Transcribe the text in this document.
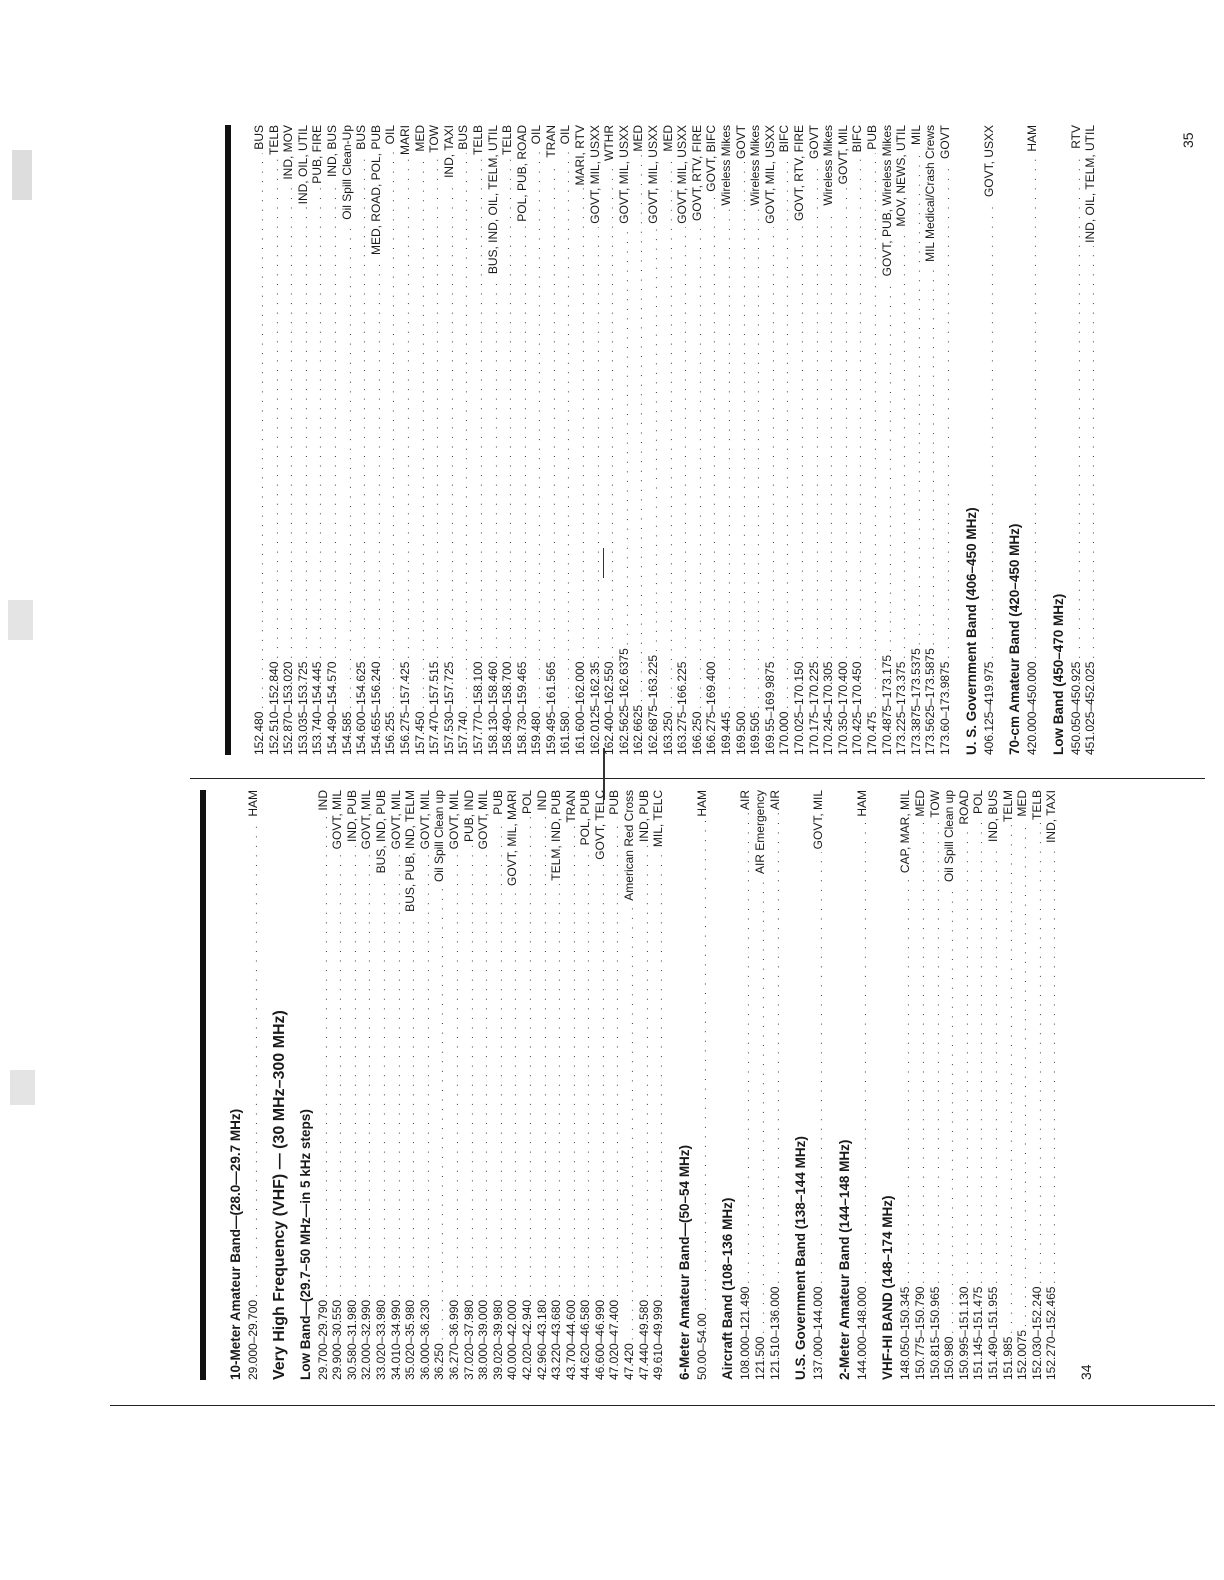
10-Meter Amateur Band—(28.0—29.7 MHz) 29.000–29.700
. . .
HAM
Very High Frequency (VHF) — (30 MHz–300 MHz) Low Band—(29.7–50 MHz—in 5 kHz steps) 29.700–29.790
. . .
IND
29.900–30.550
. . .
GOVT, MIL
30.580–31.980
. . .
IND, PUB
32.000–32.990
. . .
GOVT, MIL
33.020–33.980
. . .
BUS, IND, PUB
34.010–34.990
. . .
GOVT, MIL
35.020–35.980
. . .
BUS, PUB, IND, TELM
36.000–36.230
. . .
GOVT, MIL
36.250
. . .
Oil Spill Clean up
36.270–36.990
. . .
GOVT, MIL
37.020–37.980
. . .
PUB, IND
38.000–39.000
. . .
GOVT, MIL
39.020–39.980
. . .
PUB
40.000–42.000
. . .
GOVT, MIL, MARI
42.020–42.940
. . .
POL
42.960–43.180
. . .
IND
43.220–43.680
. . .
TELM, IND, PUB
43.700–44.600
. . .
TRAN
44.620–46.580
. . .
POL, PUB
46.600–46.990
. . .
GOVT, TELC
47.020–47.400
. . .
PUB
47.420
. . .
American Red Cross
47.440–49.580
. . .
IND, PUB
49.610–49.990
. . .
MIL, TELC
6-Meter Amateur Band—(50–54 MHz) 50.00–54.00
. . .
HAM
Aircraft Band (108–136 MHz) 108.000–121.490
. . .
AIR
121.500
. . .
AIR Emergency
121.510–136.000
. . .
AIR
U.S. Government Band (138–144 MHz) 137.000–144.000
. . .
GOVT, MIL
2-Meter Amateur Band (144–148 MHz) 144.000–148.000
. . .
HAM
VHF-HI BAND (148–174 MHz) 148.050–150.345
. . .
CAP, MAR, MIL
150.775–150.790
. . .
MED
150.815–150.965
. . .
TOW
150.980
. . .
Oil Spill Clean up
150.995–151.130
. . .
ROAD
151.145–151.475
. . .
POL
151.490–151.955
. . .
IND, BUS
151.985
. . .
TELM
152.0075
. . .
MED
152.030–152.240
. . .
TELB
152.270–152.465
. . .
IND, TAXI
34
152.480
. . .
BUS
152.510–152.840
. . .
TELB
152.870–153.020
. . .
IND, MOV
153.035–153.725
. . .
IND, OIL, UTIL
153.740–154.445
. . .
PUB, FIRE
154.490–154.570
. . .
IND, BUS
154.585
. . .
Oil Spill Clean-Up
154.600–154.625
. . .
BUS
154.655–156.240
. . .
MED, ROAD, POL, PUB
156.255
. . .
OIL
156.275–157.425
. . .
MARI
157.450
. . .
MED
157.470–157.515
. . .
TOW
157.530–157.725
. . .
IND, TAXI
157.740
. . .
BUS
157.770–158.100
. . .
TELB
158.130–158.460
. . .
BUS, IND, OIL, TELM, UTIL
158.490–158.700
. . .
TELB
158.730–159.465
. . .
POL, PUB, ROAD
159.480
. . .
OIL
159.495–161.565
. . .
TRAN
161.580
. . .
OIL
161.600–162.000
. . .
MARI, RTV
162.0125–162.35
. . .
GOVT, MIL, USXX
162.400–162.550
. . .
WTHR
162.5625–162.6375
. . .
GOVT, MIL, USXX
162.6625
. . .
MED
162.6875–163.225
. . .
GOVT, MIL, USXX
163.250
. . .
MED
163.275–166.225
. . .
GOVT, MIL, USXX
166.250
. . .
GOVT, RTV, FIRE
166.275–169.400
. . .
GOVT, BIFC
169.445
. . .
Wireless Mikes
169.500
. . .
GOVT
169.505
. . .
Wireless Mikes
169.55–169.9875
. . .
GOVT, MIL, USXX
170.000
. . .
BIFC
170.025–170.150
. . .
GOVT, RTV, FIRE
170.175–170.225
. . .
GOVT
170.245–170.305
. . .
Wireless Mikes
170.350–170.400
. . .
GOVT, MIL
170.425–170.450
. . .
BIFC
170.475
. . .
PUB
170.4875–173.175
. . .
GOVT, PUB, Wireless Mikes
173.225–173.375
. . .
MOV, NEWS, UTIL
173.3875–173.5375
. . .
MIL
173.5625–173.5875
. . .
MIL Medical/Crash Crews
173.60–173.9875
. . .
GOVT
U. S. Government Band (406–450 MHz) 406.125–419.975
. . .
GOVT, USXX
70-cm Amateur Band (420–450 MHz) 420.000–450.000
. . .
HAM
Low Band (450–470 MHz) 450.050–450.925
. . .
RTV
451.025–452.025
. . .
IND, OIL, TELM, UTIL	35
